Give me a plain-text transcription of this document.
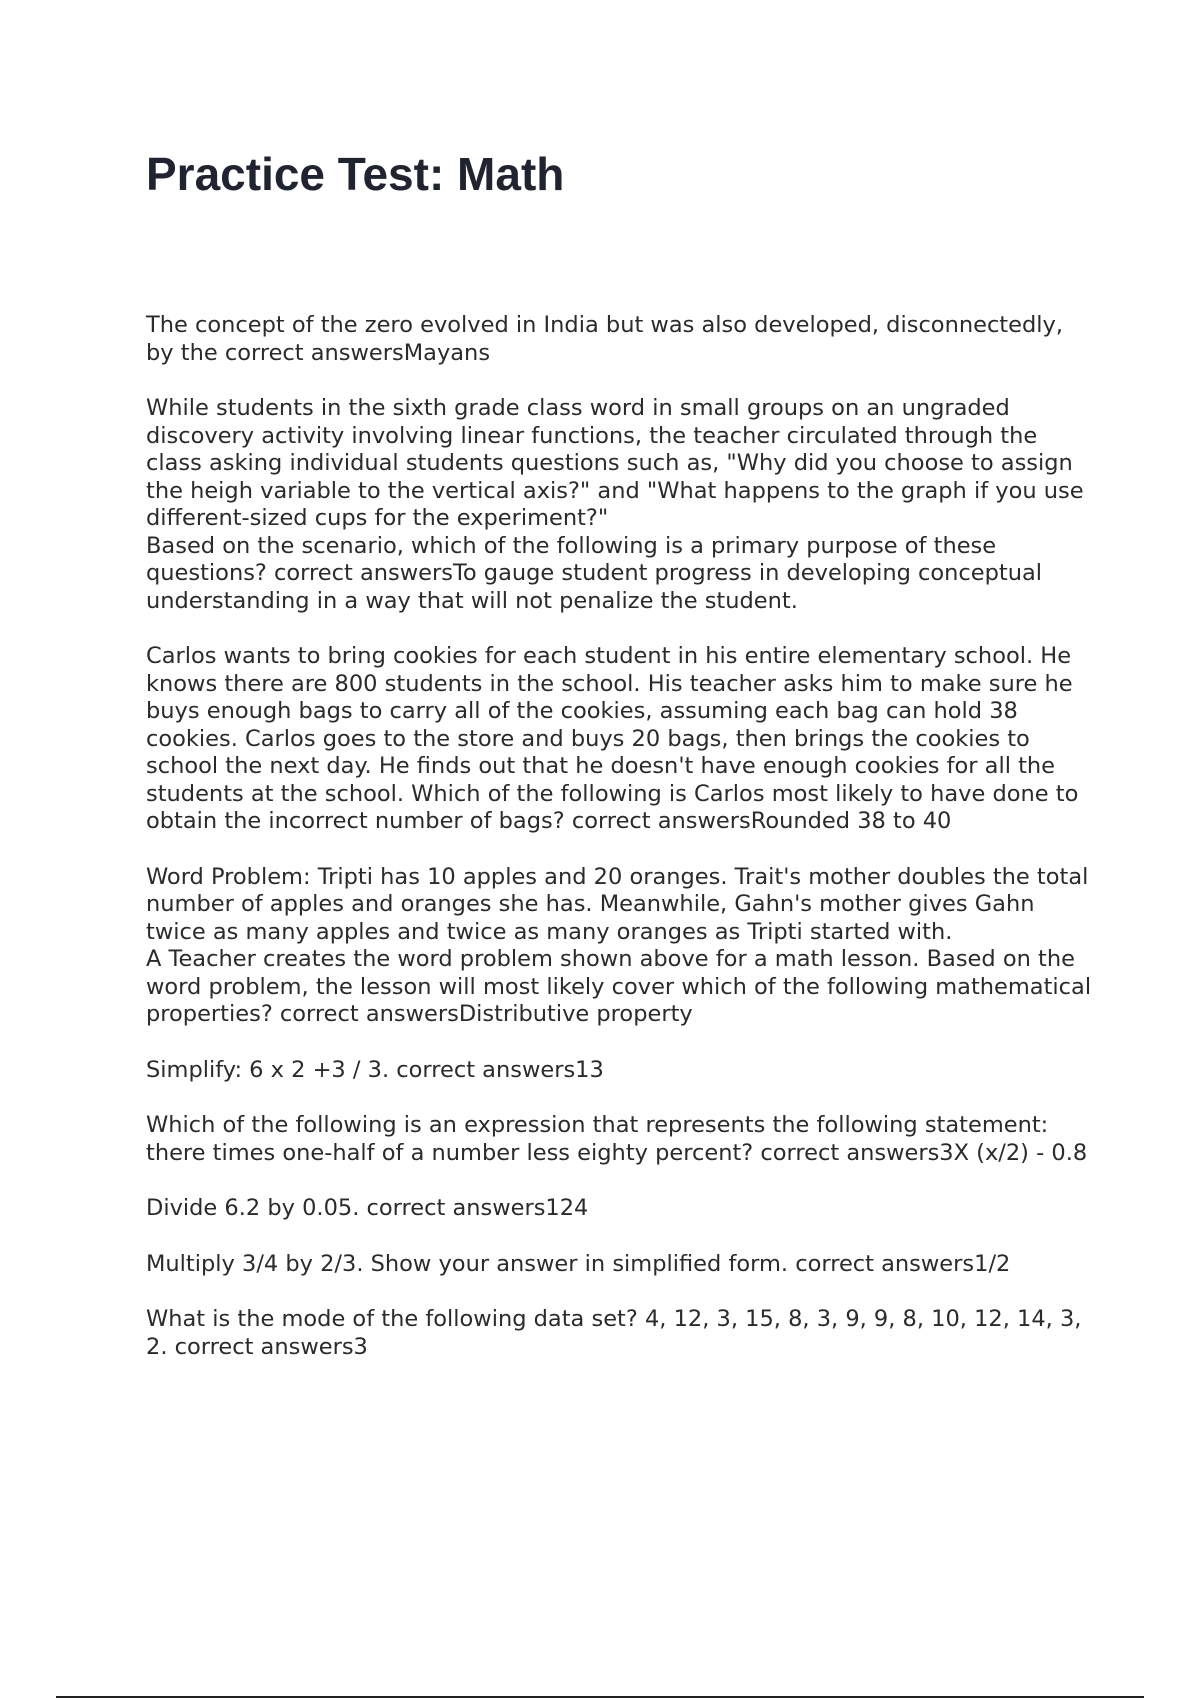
Practice Test: Math

The concept of the zero evolved in India but was also developed, disconnectedly, by the correct answersMayans

While students in the sixth grade class word in small groups on an ungraded discovery activity involving linear functions, the teacher circulated through the class asking individual students questions such as, "Why did you choose to assign the heigh variable to the vertical axis?" and "What happens to the graph if you use different-sized cups for the experiment?"

Based on the scenario, which of the following is a primary purpose of these questions? correct answersTo gauge student progress in developing conceptual understanding in a way that will not penalize the student.

Carlos wants to bring cookies for each student in his entire elementary school. He knows there are 800 students in the school. His teacher asks him to make sure he buys enough bags to carry all of the cookies, assuming each bag can hold 38 cookies. Carlos goes to the store and buys 20 bags, then brings the cookies to school the next day. He finds out that he doesn't have enough cookies for all the students at the school. Which of the following is Carlos most likely to have done to obtain the incorrect number of bags? correct answersRounded 38 to 40

Word Problem: Tripti has 10 apples and 20 oranges. Trait's mother doubles the total number of apples and oranges she has. Meanwhile, Gahn's mother gives Gahn twice as many apples and twice as many oranges as Tripti started with.

A Teacher creates the word problem shown above for a math lesson. Based on the

word problem, the lesson will most likely cover which of the following mathematical properties? correct answersDistributive property

Simplify: 6 x 2 +3 / 3. correct answers13

Which of the following is an expression that represents the following statement: there times one-half of a number less eighty percent? correct answers3X (x/2) - 0.8

Divide 6.2 by 0.05. correct answers124

Multiply 3/4 by 2/3. Show your answer in simplified form. correct answers1/2

What is the mode of the following data set? 4, 12, 3, 15, 8, 3, 9, 9, 8, 10, 12, 14, 3, 2. correct answers3
